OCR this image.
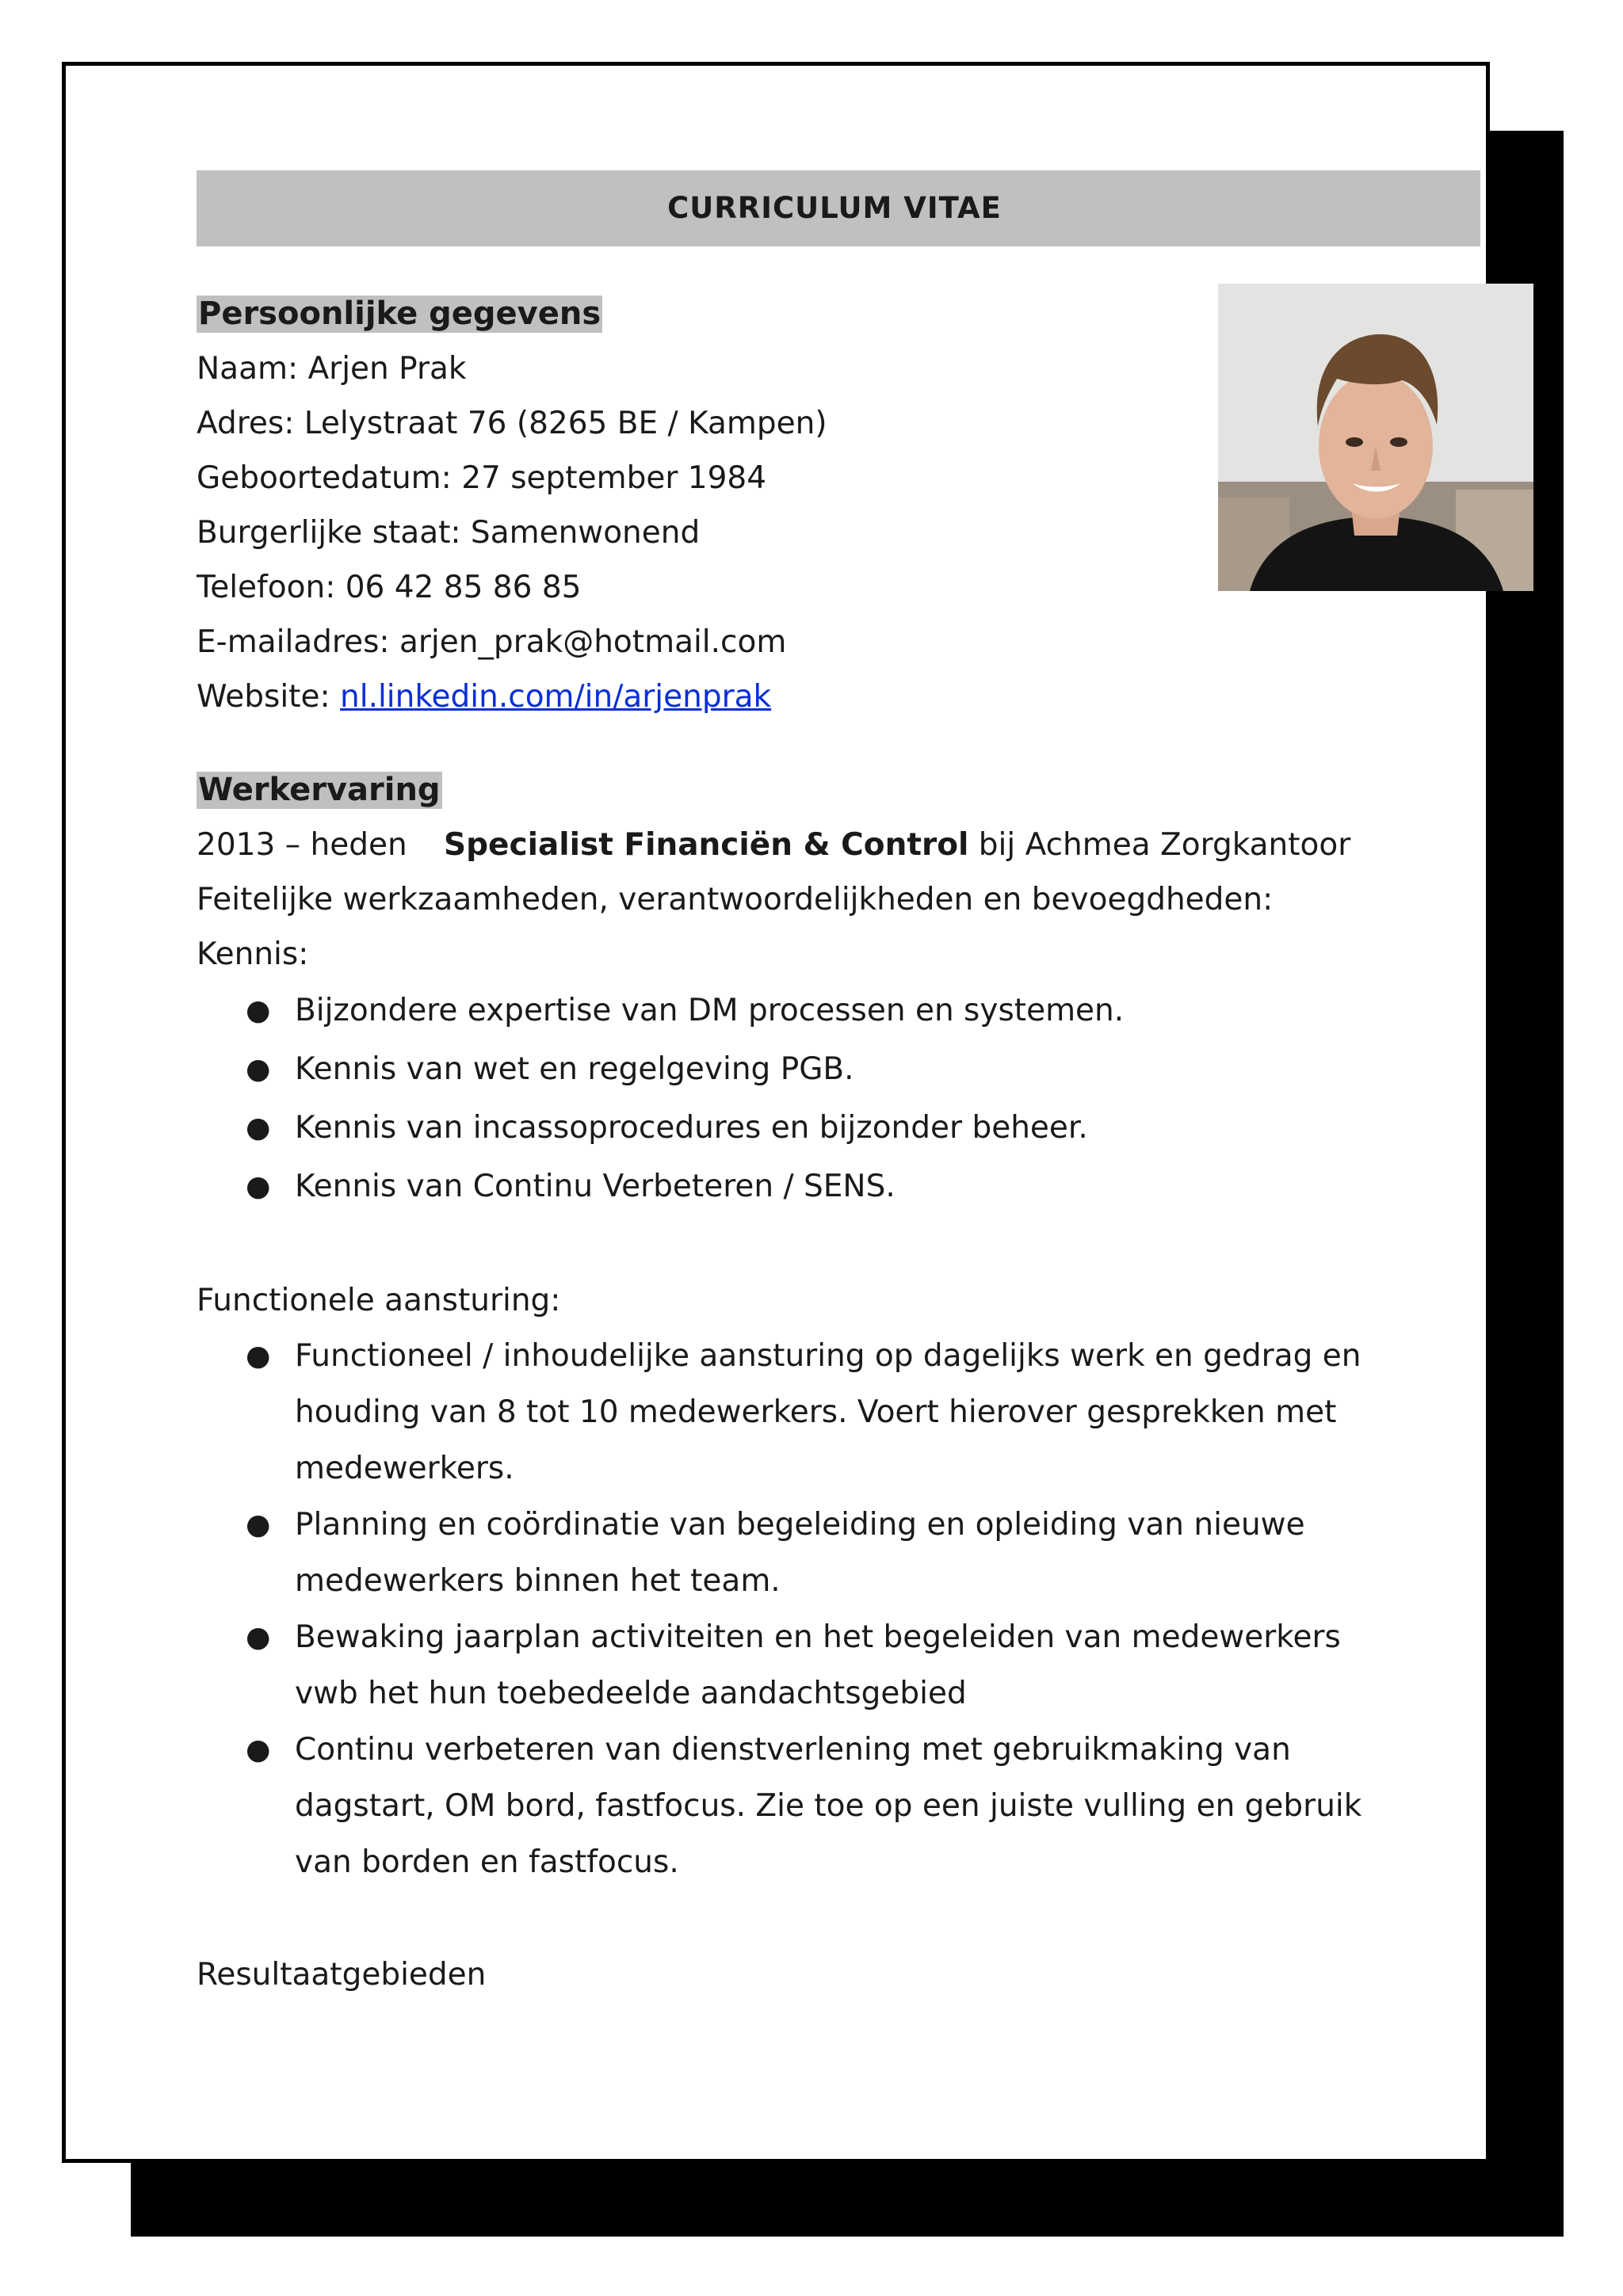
CURRICULUM VITAE
Persoonlijke gegevens
Naam: Arjen Prak
Adres: Lelystraat 76 (8265 BE / Kampen)
Geboortedatum: 27 september 1984
Burgerlijke staat: Samenwonend
Telefoon: 06 42 85 86 85
E-mailadres: arjen_prak@hotmail.com
Website: nl.linkedin.com/in/arjenprak
Werkervaring
2013 – heden Specialist Financiën & Control bij Achmea Zorgkantoor
Feitelijke werkzaamheden, verantwoordelijkheden en bevoegdheden:
Kennis:
● Bijzondere expertise van DM processen en systemen.
● Kennis van wet en regelgeving PGB.
● Kennis van incassoprocedures en bijzonder beheer.
● Kennis van Continu Verbeteren / SENS.
Functionele aansturing:
● Functioneel / inhoudelijke aansturing op dagelijks werk en gedrag en houding van 8 tot 10 medewerkers. Voert hierover gesprekken met medewerkers.
● Planning en coördinatie van begeleiding en opleiding van nieuwe medewerkers binnen het team.
● Bewaking jaarplan activiteiten en het begeleiden van medewerkers vwb het hun toebedeelde aandachtsgebied
● Continu verbeteren van dienstverlening met gebruikmaking van dagstart, OM bord, fastfocus. Zie toe op een juiste vulling en gebruik van borden en fastfocus.
Resultaatgebieden
